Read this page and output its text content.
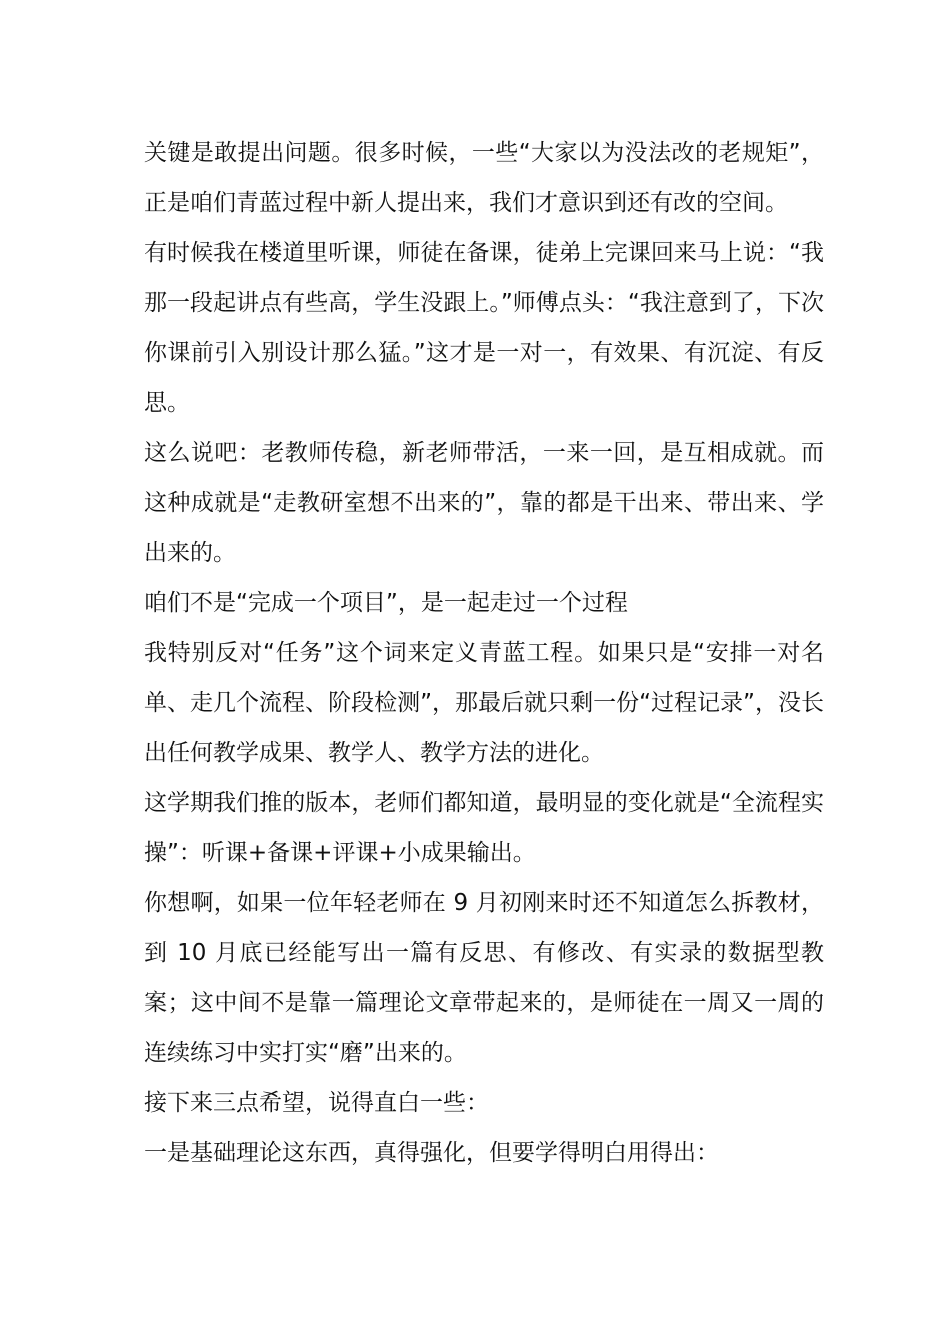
关键是敢提出问题。很多时候，一些“大家以为没法改的老规矩”，正是咱们青蓝过程中新人提出来，我们才意识到还有改的空间。

有时候我在楼道里听课，师徒在备课，徒弟上完课回来马上说：“我那一段起讲点有些高，学生没跟上。”师傅点头：“我注意到了，下次你课前引入别设计那么猛。”这才是一对一，有效果、有沉淀、有反思。

这么说吧：老教师传稳，新老师带活，一来一回，是互相成就。而这种成就是“走教研室想不出来的”，靠的都是干出来、带出来、学出来的。

咱们不是“完成一个项目”，是一起走过一个过程

我特别反对“任务”这个词来定义青蓝工程。如果只是“安排一对名单、走几个流程、阶段检测”，那最后就只剩一份“过程记录”，没长出任何教学成果、教学人、教学方法的进化。

这学期我们推的版本，老师们都知道，最明显的变化就是“全流程实操”：听课+备课+评课+小成果输出。

你想啊，如果一位年轻老师在 9 月初刚来时还不知道怎么拆教材，到 10 月底已经能写出一篇有反思、有修改、有实录的数据型教案；这中间不是靠一篇理论文章带起来的，是师徒在一周又一周的连续练习中实打实“磨”出来的。

接下来三点希望，说得直白一些：

一是基础理论这东西，真得强化，但要学得明白用得出：
